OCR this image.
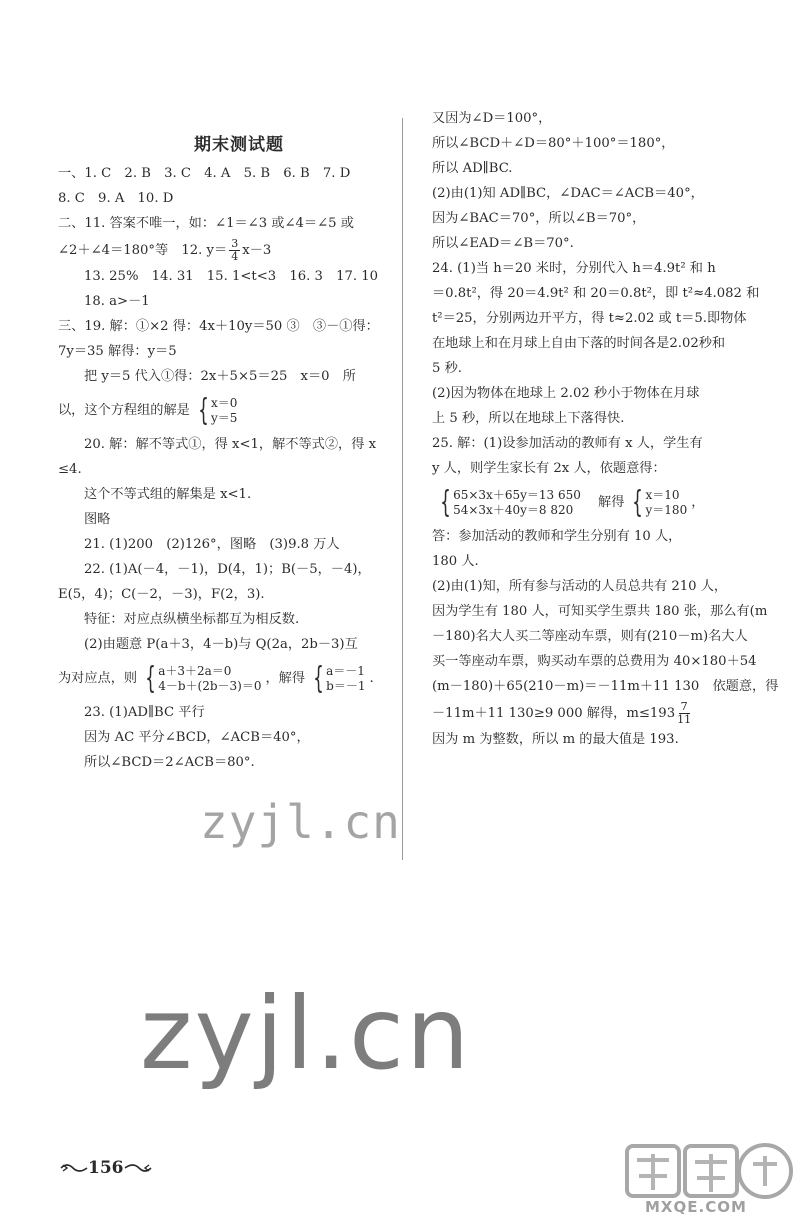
期末测试题
一、1. C　2. B　3. C　4. A　5. B　6. B　7. D
8. C　9. A　10. D
二、11. 答案不唯一，如：∠1＝∠3 或∠4＝∠5 或
∠2＋∠4＝180°等　12. $y= \frac{3}{4} x-3$
13. 25%　14. 31　15. 1<t<3　16. 3　17. 10
18. a>－1
三、19. 解：①×2 得：4x＋10y＝50 ③　③－①得：
7y＝35 解得：y＝5
把 y＝5 代入①得：2x＋5×5＝25　x＝0　所
以，这个方程组的解是 { x＝0
y＝5
20. 解：解不等式①，得 x<1，解不等式②，得 x
≤4.
这个不等式组的解集是 x<1.
图略
21. (1)200　(2)126°，图略　(3)9.8 万人
22. (1)A(－4，－1)，D(4，1)；B(－5，－4)，
E(5，4)；C(－2，－3)，F(2，3).
特征：对应点纵横坐标都互为相反数.
(2)由题意 P(a＋3，4－b)与 Q(2a，2b－3)互
为对应点，则 { a＋3＋2a＝0
4－b＋(2b－3)＝0 ，解得 { a＝－1
b＝－1 .
23. (1)AD∥BC 平行
因为 AC 平分∠BCD，∠ACB＝40°，
所以∠BCD＝2∠ACB＝80°.
又因为∠D＝100°，
所以∠BCD＋∠D＝80°＋100°＝180°，
所以 AD∥BC.
(2)由(1)知 AD∥BC，∠DAC＝∠ACB＝40°，
因为∠BAC＝70°，所以∠B＝70°，
所以∠EAD＝∠B＝70°.
24. (1)当 h＝20 米时，分别代入 h＝4.9t² 和 h
＝0.8t²，得 20＝4.9t² 和 20＝0.8t²，即 t²≈4.082 和
t²＝25，分别两边开平方，得 t≈2.02 或 t＝5.即物体
在地球上和在月球上自由下落的时间各是2.02秒和
5 秒.
(2)因为物体在地球上 2.02 秒小于物体在月球
上 5 秒，所以在地球上下落得快.
25. 解：(1)设参加活动的教师有 x 人，学生有
y 人，则学生家长有 2x 人，依题意得：
{ 65×3x＋65y＝13 650
54×3x＋40y＝8 820 　解得 { x＝10
y＝180 ，
答：参加活动的教师和学生分别有 10 人，
180 人.
(2)由(1)知，所有参与活动的人员总共有 210 人，
因为学生有 180 人，可知买学生票共 180 张，那么有(m
－180)名大人买二等座动车票，则有(210－m)名大人
买一等座动车票，购买动车票的总费用为 40×180＋54
(m－180)＋65(210－m)＝－11m＋11 130　依题意，得
－11m＋11 130≥9 000 解得，$m\le 193 \frac{7}{11}$
因为 m 为整数，所以 m 的最大值是 193.
zyjl.cn
zyjl.cn
156
MXQE.COM
